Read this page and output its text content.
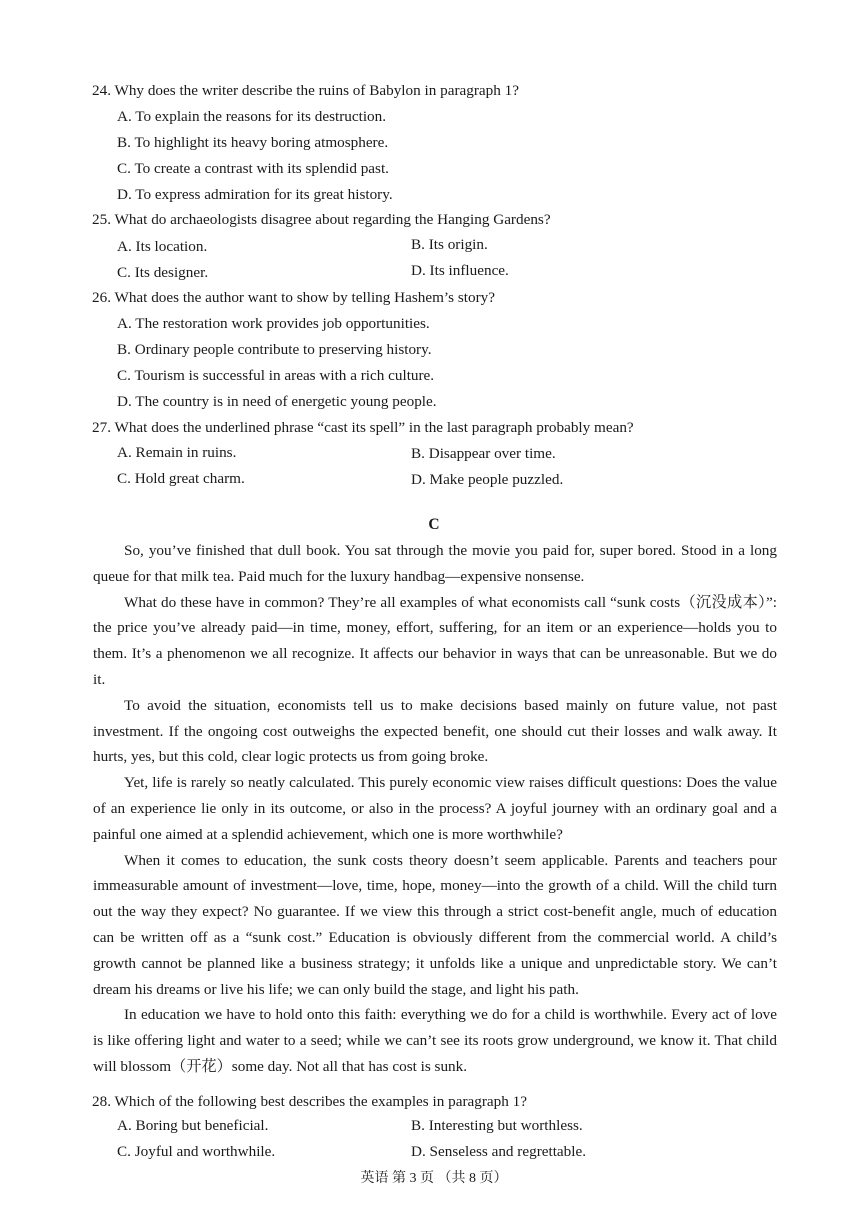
24. Why does the writer describe the ruins of Babylon in paragraph 1?
A. To explain the reasons for its destruction.
B. To highlight its heavy boring atmosphere.
C. To create a contrast with its splendid past.
D. To express admiration for its great history.
25. What do archaeologists disagree about regarding the Hanging Gardens?
A. Its location.	B. Its origin.
C. Its designer.	D. Its influence.
26. What does the author want to show by telling Hashem’s story?
A. The restoration work provides job opportunities.
B. Ordinary people contribute to preserving history.
C. Tourism is successful in areas with a rich culture.
D. The country is in need of energetic young people.
27. What does the underlined phrase “cast its spell” in the last paragraph probably mean?
A. Remain in ruins.	B. Disappear over time.
C. Hold great charm.	D. Make people puzzled.
C

So, you’ve finished that dull book. You sat through the movie you paid for, super bored. Stood in a long queue for that milk tea. Paid much for the luxury handbag—expensive nonsense.

What do these have in common? They’re all examples of what economists call “sunk costs（沉没成本）”: the price you’ve already paid—in time, money, effort, suffering, for an item or an experience—holds you to them. It’s a phenomenon we all recognize. It affects our behavior in ways that can be unreasonable. But we do it.

To avoid the situation, economists tell us to make decisions based mainly on future value, not past investment. If the ongoing cost outweighs the expected benefit, one should cut their losses and walk away. It hurts, yes, but this cold, clear logic protects us from going broke.

Yet, life is rarely so neatly calculated. This purely economic view raises difficult questions: Does the value of an experience lie only in its outcome, or also in the process? A joyful journey with an ordinary goal and a painful one aimed at a splendid achievement, which one is more worthwhile?

When it comes to education, the sunk costs theory doesn’t seem applicable. Parents and teachers pour immeasurable amount of investment—love, time, hope, money—into the growth of a child. Will the child turn out the way they expect? No guarantee. If we view this through a strict cost-benefit angle, much of education can be written off as a “sunk cost.” Education is obviously different from the commercial world. A child’s growth cannot be planned like a business strategy; it unfolds like a unique and unpredictable story. We can’t dream his dreams or live his life; we can only build the stage, and light his path.

In education we have to hold onto this faith: everything we do for a child is worthwhile. Every act of love is like offering light and water to a seed; while we can’t see its roots grow underground, we know it. That child will blossom（开花）some day. Not all that has cost is sunk.

28. Which of the following best describes the examples in paragraph 1?
A. Boring but beneficial.	B. Interesting but worthless.
C. Joyful and worthwhile.	D. Senseless and regrettable.
英语 第 3 页 （共 8 页）
